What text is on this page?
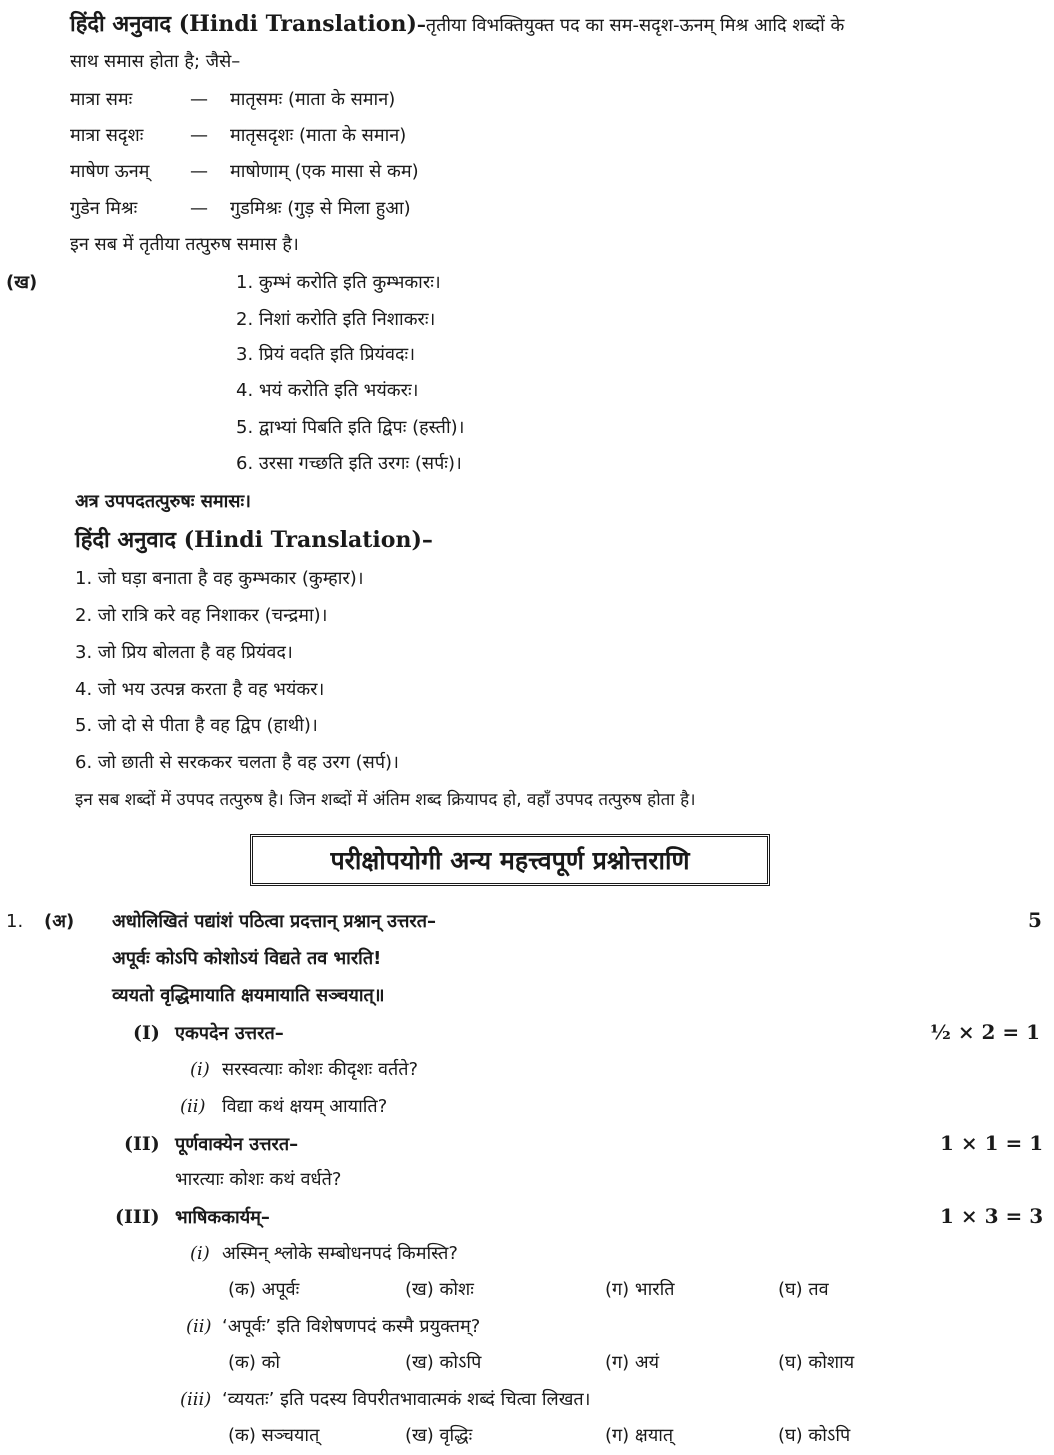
हिंदी अनुवाद (Hindi Translation)–तृतीया विभक्तियुक्त पद का सम-सदृश-ऊनम् मिश्र आदि शब्दों के
साथ समास होता है; जैसे–
मात्रा समः	— मातृसमः (माता के समान)
मात्रा सदृशः	— मातृसदृशः (माता के समान)
माषेण ऊनम् — माषोणाम् (एक मासा से कम)
गुडेन मिश्रः	— गुडमिश्रः (गुड़ से मिला हुआ)
इन सब में तृतीया तत्पुरुष समास है।
(ख)	1. कुम्भं करोति इति कुम्भकारः।
2. निशां करोति इति निशाकरः।
3. प्रियं वदति इति प्रियंवदः।
4. भयं करोति इति भयंकरः।
5. द्वाभ्यां पिबति इति द्विपः (हस्ती)।
6. उरसा गच्छति इति उरगः (सर्पः)।
अत्र उपपदतत्पुरुषः समासः।
हिंदी अनुवाद (Hindi Translation)–
1. जो घड़ा बनाता है वह कुम्भकार (कुम्हार)।
2. जो रात्रि करे वह निशाकर (चन्द्रमा)।
3. जो प्रिय बोलता है वह प्रियंवद।
4. जो भय उत्पन्न करता है वह भयंकर।
5. जो दो से पीता है वह द्विप (हाथी)।
6. जो छाती से सरककर चलता है वह उरग (सर्प)।
इन सब शब्दों में उपपद तत्पुरुष है। जिन शब्दों में अंतिम शब्द क्रियापद हो, वहाँ उपपद तत्पुरुष होता है।
परीक्षोपयोगी अन्य महत्त्वपूर्ण प्रश्नोत्तराणि
1. (अ) अधोलिखितं पद्यांशं पठित्वा प्रदत्तान् प्रश्नान् उत्तरत–	5
अपूर्वः कोऽपि कोशोऽयं विद्यते तव भारति!
व्ययतो वृद्धिमायाति क्षयमायाति सञ्चयात्॥
(I) एकपदेन उत्तरत–	½ × 2 = 1
(i) सरस्वत्याः कोशः कीदृशः वर्तते?
(ii) विद्या कथं क्षयम् आयाति?
(II) पूर्णवाक्येन उत्तरत–	1 × 1 = 1
भारत्याः कोशः कथं वर्धते?
(III) भाषिककार्यम्–	1 × 3 = 3
(i) अस्मिन् श्लोके सम्बोधनपदं किमस्ति?
(क) अपूर्वः	(ख) कोशः	(ग) भारति	(घ) तव
(ii) ‘अपूर्वः’ इति विशेषणपदं कस्मै प्रयुक्तम्?
(क) को	(ख) कोऽपि	(ग) अयं	(घ) कोशाय
(iii) ‘व्ययतः’ इति पदस्य विपरीतभावात्मकं शब्दं चित्वा लिखत।
(क) सञ्चयात्	(ख) वृद्धिः	(ग) क्षयात्	(घ) कोऽपि
